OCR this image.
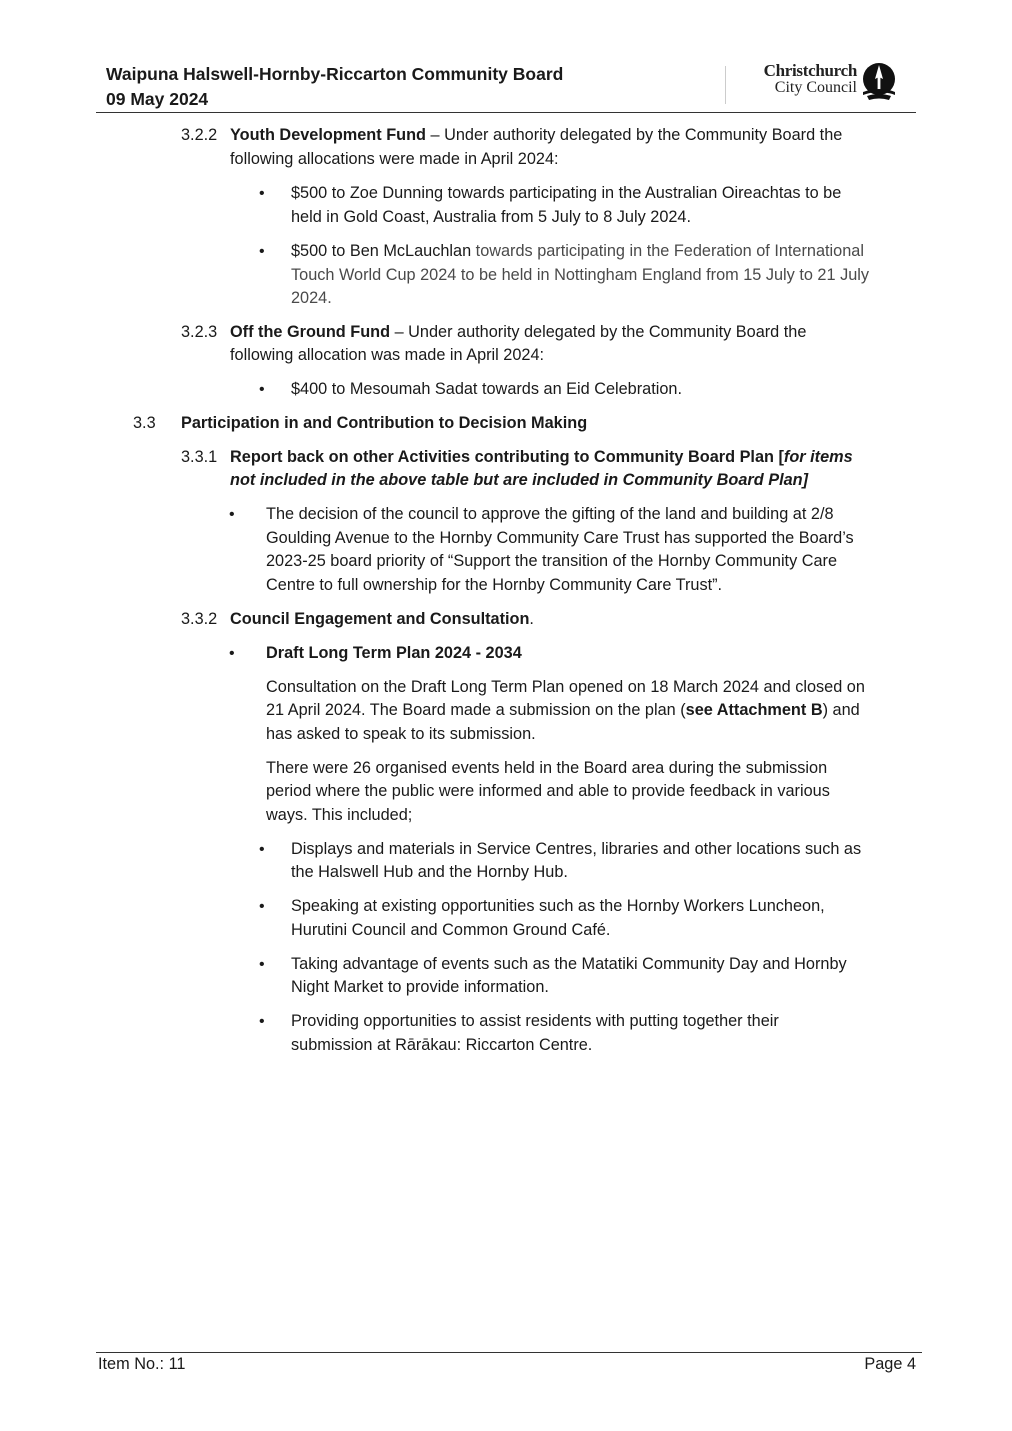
Waipuna Halswell-Hornby-Riccarton Community Board
09 May 2024
Christchurch
City Council
3.2.2 Youth Development Fund – Under authority delegated by the Community Board the
following allocations were made in April 2024:
• $500 to Zoe Dunning towards participating in the Australian Oireachtas to be
held in Gold Coast, Australia from 5 July to 8 July 2024.
• $500 to Ben McLauchlan towards participating in the Federation of International
Touch World Cup 2024 to be held in Nottingham England from 15 July to 21 July
2024.
3.2.3 Off the Ground Fund – Under authority delegated by the Community Board the
following allocation was made in April 2024:
• $400 to Mesoumah Sadat towards an Eid Celebration.
3.3 Participation in and Contribution to Decision Making
3.3.1 Report back on other Activities contributing to Community Board Plan [for items
not included in the above table but are included in Community Board Plan]
• The decision of the council to approve the gifting of the land and building at 2/8
Goulding Avenue to the Hornby Community Care Trust has supported the Board’s
2023-25 board priority of “Support the transition of the Hornby Community Care
Centre to full ownership for the Hornby Community Care Trust”.
3.3.2 Council Engagement and Consultation.
• Draft Long Term Plan 2024 - 2034
Consultation on the Draft Long Term Plan opened on 18 March 2024 and closed on
21 April 2024. The Board made a submission on the plan (see Attachment B) and
has asked to speak to its submission.
There were 26 organised events held in the Board area during the submission
period where the public were informed and able to provide feedback in various
ways. This included;
• Displays and materials in Service Centres, libraries and other locations such as
the Halswell Hub and the Hornby Hub.
• Speaking at existing opportunities such as the Hornby Workers Luncheon,
Hurutini Council and Common Ground Café.
• Taking advantage of events such as the Matatiki Community Day and Hornby
Night Market to provide information.
• Providing opportunities to assist residents with putting together their
submission at Rārākau: Riccarton Centre.
Item No.: 11	Page 4
